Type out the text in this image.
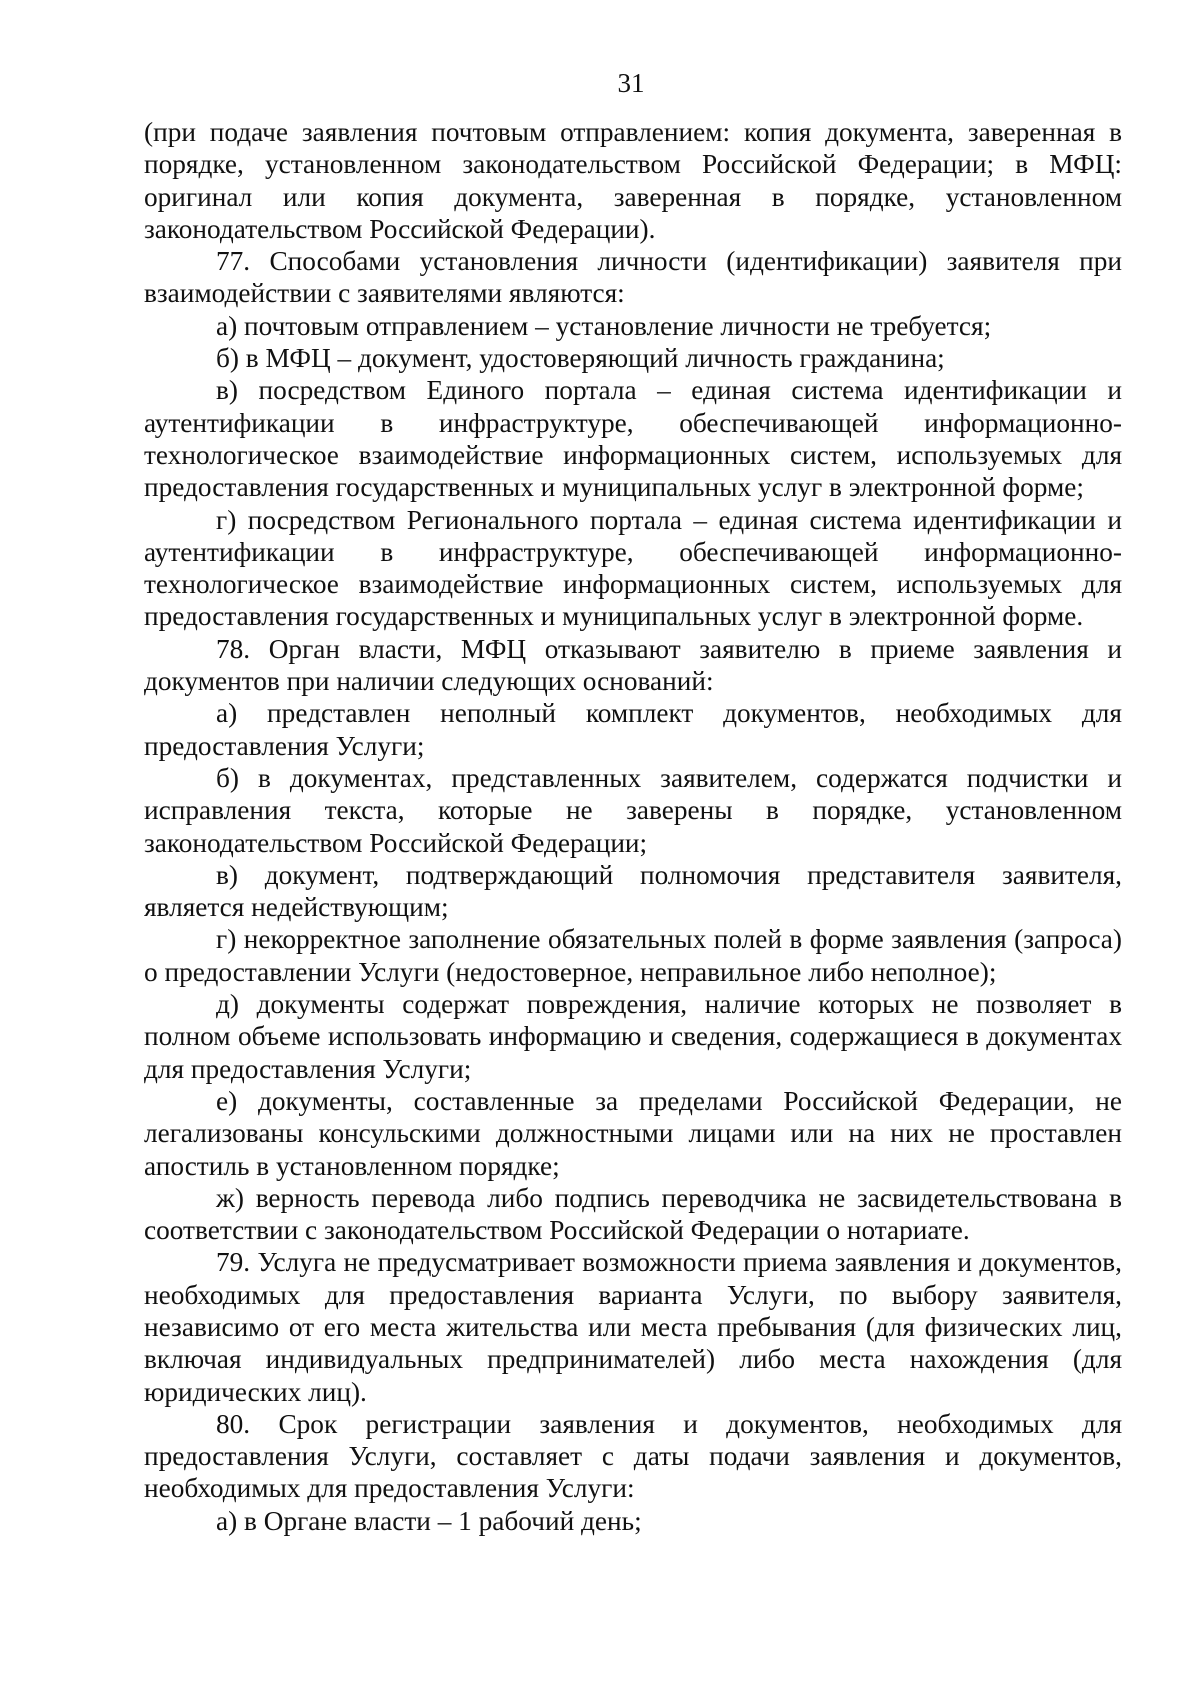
31

(при подаче заявления почтовым отправлением: копия документа, заверенная в порядке, установленном законодательством Российской Федерации; в МФЦ: оригинал или копия документа, заверенная в порядке, установленном законодательством Российской Федерации).

77. Способами установления личности (идентификации) заявителя при взаимодействии с заявителями являются:

а) почтовым отправлением – установление личности не требуется;

б) в МФЦ – документ, удостоверяющий личность гражданина;

в) посредством Единого портала – единая система идентификации и аутентификации в инфраструктуре, обеспечивающей информационно-технологическое взаимодействие информационных систем, используемых для предоставления государственных и муниципальных услуг в электронной форме;

г) посредством Регионального портала – единая система идентификации и аутентификации в инфраструктуре, обеспечивающей информационно-технологическое взаимодействие информационных систем, используемых для предоставления государственных и муниципальных услуг в электронной форме.

78. Орган власти, МФЦ отказывают заявителю в приеме заявления и документов при наличии следующих оснований:

а) представлен неполный комплект документов, необходимых для предоставления Услуги;

б) в документах, представленных заявителем, содержатся подчистки и исправления текста, которые не заверены в порядке, установленном законодательством Российской Федерации;

в) документ, подтверждающий полномочия представителя заявителя, является недействующим;

г) некорректное заполнение обязательных полей в форме заявления (запроса) о предоставлении Услуги (недостоверное, неправильное либо неполное);

д) документы содержат повреждения, наличие которых не позволяет в полном объеме использовать информацию и сведения, содержащиеся в документах для предоставления Услуги;

е) документы, составленные за пределами Российской Федерации, не легализованы консульскими должностными лицами или на них не проставлен апостиль в установленном порядке;

ж) верность перевода либо подпись переводчика не засвидетельствована в соответствии с законодательством Российской Федерации о нотариате.

79. Услуга не предусматривает возможности приема заявления и документов, необходимых для предоставления варианта Услуги, по выбору заявителя, независимо от его места жительства или места пребывания (для физических лиц, включая индивидуальных предпринимателей) либо места нахождения (для юридических лиц).

80. Срок регистрации заявления и документов, необходимых для предоставления Услуги, составляет с даты подачи заявления и документов, необходимых для предоставления Услуги:

а) в Органе власти – 1 рабочий день;
